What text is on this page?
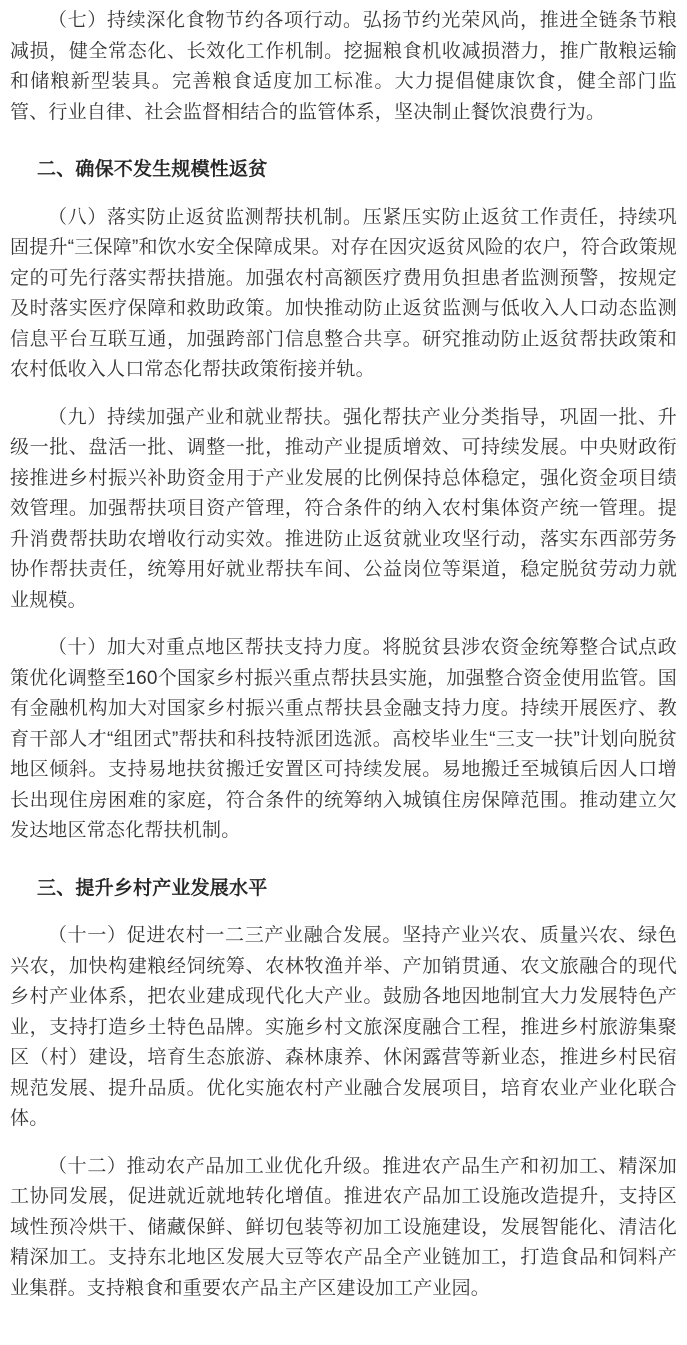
（七）持续深化食物节约各项行动。弘扬节约光荣风尚，推进全链条节粮减损，健全常态化、长效化工作机制。挖掘粮食机收减损潜力，推广散粮运输和储粮新型装具。完善粮食适度加工标准。大力提倡健康饮食，健全部门监管、行业自律、社会监督相结合的监管体系，坚决制止餐饮浪费行为。

二、确保不发生规模性返贫

（八）落实防止返贫监测帮扶机制。压紧压实防止返贫工作责任，持续巩固提升“三保障”和饮水安全保障成果。对存在因灾返贫风险的农户，符合政策规定的可先行落实帮扶措施。加强农村高额医疗费用负担患者监测预警，按规定及时落实医疗保障和救助政策。加快推动防止返贫监测与低收入人口动态监测信息平台互联互通，加强跨部门信息整合共享。研究推动防止返贫帮扶政策和农村低收入人口常态化帮扶政策衔接并轨。

（九）持续加强产业和就业帮扶。强化帮扶产业分类指导，巩固一批、升级一批、盘活一批、调整一批，推动产业提质增效、可持续发展。中央财政衔接推进乡村振兴补助资金用于产业发展的比例保持总体稳定，强化资金项目绩效管理。加强帮扶项目资产管理，符合条件的纳入农村集体资产统一管理。提升消费帮扶助农增收行动实效。推进防止返贫就业攻坚行动，落实东西部劳务协作帮扶责任，统筹用好就业帮扶车间、公益岗位等渠道，稳定脱贫劳动力就业规模。

（十）加大对重点地区帮扶支持力度。将脱贫县涉农资金统筹整合试点政策优化调整至160个国家乡村振兴重点帮扶县实施，加强整合资金使用监管。国有金融机构加大对国家乡村振兴重点帮扶县金融支持力度。持续开展医疗、教育干部人才“组团式”帮扶和科技特派团选派。高校毕业生“三支一扶”计划向脱贫地区倾斜。支持易地扶贫搬迁安置区可持续发展。易地搬迁至城镇后因人口增长出现住房困难的家庭，符合条件的统筹纳入城镇住房保障范围。推动建立欠发达地区常态化帮扶机制。

三、提升乡村产业发展水平

（十一）促进农村一二三产业融合发展。坚持产业兴农、质量兴农、绿色兴农，加快构建粮经饲统筹、农林牧渔并举、产加销贯通、农文旅融合的现代乡村产业体系，把农业建成现代化大产业。鼓励各地因地制宜大力发展特色产业，支持打造乡土特色品牌。实施乡村文旅深度融合工程，推进乡村旅游集聚区（村）建设，培育生态旅游、森林康养、休闲露营等新业态，推进乡村民宿规范发展、提升品质。优化实施农村产业融合发展项目，培育农业产业化联合体。

（十二）推动农产品加工业优化升级。推进农产品生产和初加工、精深加工协同发展，促进就近就地转化增值。推进农产品加工设施改造提升，支持区域性预冷烘干、储藏保鲜、鲜切包装等初加工设施建设，发展智能化、清洁化精深加工。支持东北地区发展大豆等农产品全产业链加工，打造食品和饲料产业集群。支持粮食和重要农产品主产区建设加工产业园。
